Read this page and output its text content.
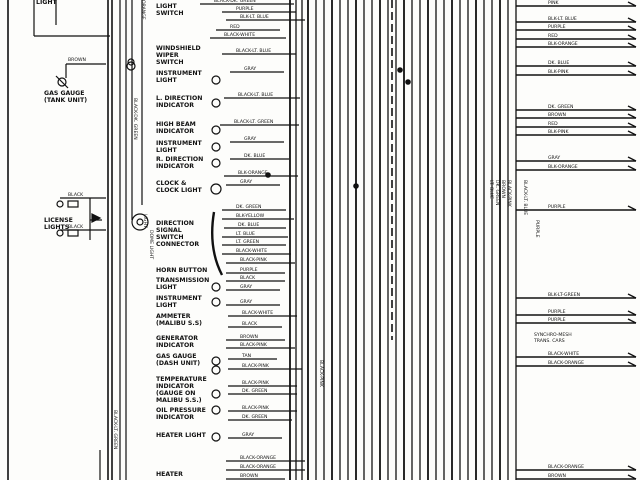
LIGHT
SWITCH
WINDSHIELD
WIPER
SWITCH
INSTRUMENT
LIGHT
L. DIRECTION
INDICATOR
HIGH BEAM
INDICATOR
INSTRUMENT
LIGHT
R. DIRECTION
INDICATOR
CLOCK &
CLOCK LIGHT
DIRECTION
SIGNAL
SWITCH
CONNECTOR
HORN BUTTON
TRANSMISSION
LIGHT
INSTRUMENT
LIGHT
AMMETER
(MALIBU S.S)
GENERATOR
INDICATOR
GAS GAUGE
(DASH UNIT)
TEMPERATURE
INDICATOR
(GAUGE ON
MALIBU S.S.)
OIL PRESSURE
INDICATOR
HEATER LIGHT
HEATER
BLACK-DK. GREEN
PURPLE
BLK-LT. BLUE
RED
BLACK-WHITE
BLACK-LT. BLUE
GRAY
BLACK-LT. BLUE
BLACK-LT. GREEN
GRAY
DK. BLUE
BLK-ORANGE
GRAY
DK. GREEN
BLK-YELLOW
DK. BLUE
LT. BLUE
LT. GREEN
BLACK-WHITE
BLACK-PINK
PURPLE
BLACK
GRAY
GRAY
BLACK-WHITE
BLACK
BROWN
BLACK-PINK
TAN
BLACK-PINK
BLACK-PINK
DK. GREEN
BLACK-PINK
DK. GREEN
GRAY
BLACK-ORANGE
BLACK-ORANGE
BROWN
PINK
BLK-LT. BLUE
PURPLE
RED
BLK-ORANGE
DK. BLUE
BLK-PINK
DK. GREEN
BROWN
RED
BLK-PINK
GRAY
BLK-ORANGE
PURPLE
BLK-LT-GREEN
PURPLE
PURPLE
BLACK-WHITE
BLACK-ORANGE
BLACK-ORANGE
BROWN
DK. GREEN BROWN BLACK-PINK BLACK-LT. BLUE
LT. BLUE
BLACK-PINK
PURPLE
LIGHT
BROWN
GAS GAUGE
(TANK UNIT)
BLACK
BLACK
LICENSE
LIGHTS
BLACK-DK. GREEN
DOME LIGHT
ORANGE
BLACK-LT. GREEN
LIGHT
SYNCHRO-MESH
TRANS. CARS
